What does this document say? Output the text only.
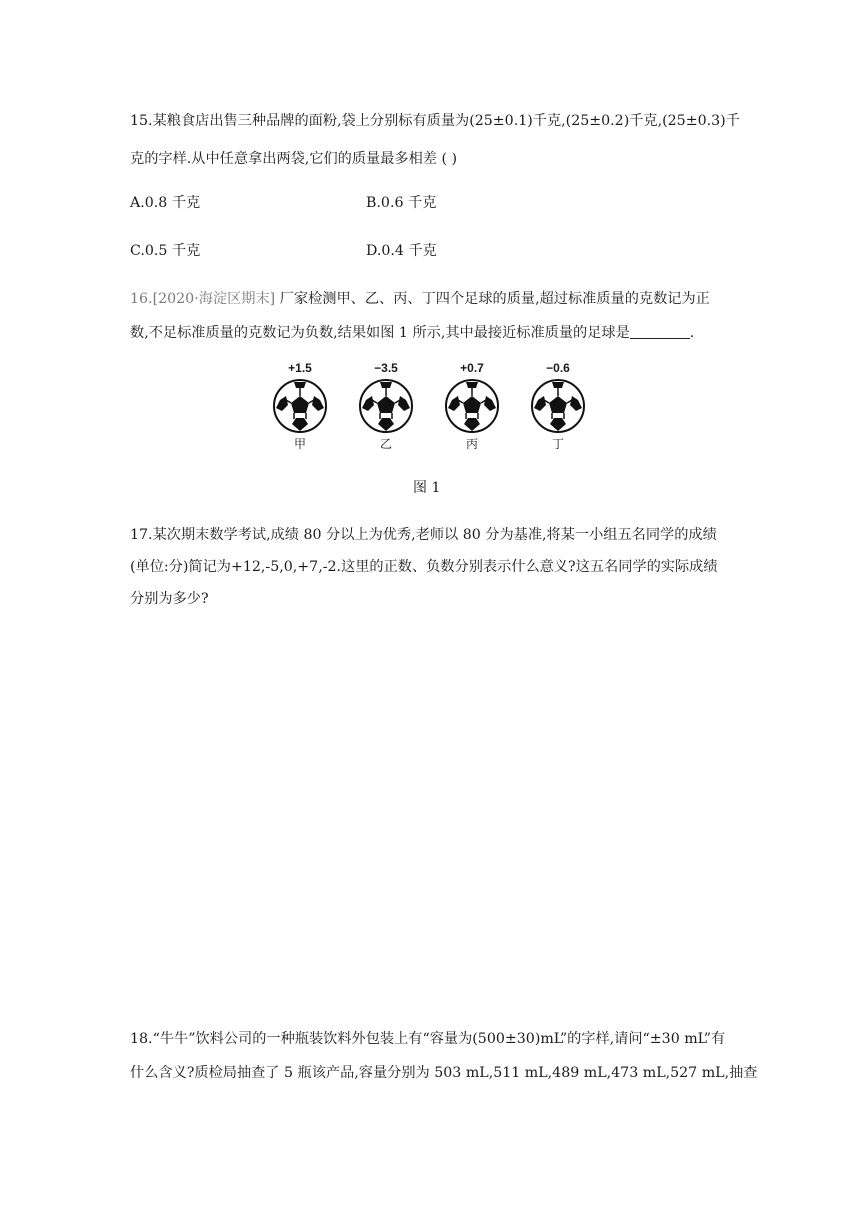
15.某粮食店出售三种品牌的面粉,袋上分别标有质量为(25±0.1)千克,(25±0.2)千克,(25±0.3)千
克的字样.从中任意拿出两袋,它们的质量最多相差 ( )
A.0.8 千克	B.0.6 千克
C.0.5 千克	D.0.4 千克
16.[2020·海淀区期末] 厂家检测甲、乙、丙、丁四个足球的质量,超过标准质量的克数记为正
数,不足标准质量的克数记为负数,结果如图 1 所示,其中最接近标准质量的足球是	.
+1.5
甲
−3.5
乙
+0.7
丙
−0.6
丁
图 1
17.某次期末数学考试,成绩 80 分以上为优秀,老师以 80 分为基准,将某一小组五名同学的成绩
(单位:分)简记为+12,-5,0,+7,-2.这里的正数、负数分别表示什么意义?这五名同学的实际成绩
分别为多少?
18.“牛牛”饮料公司的一种瓶装饮料外包装上有“容量为(500±30)mL”的字样,请问“±30 mL”有
什么含义?质检局抽查了 5 瓶该产品,容量分别为 503 mL,511 mL,489 mL,473 mL,527 mL,抽查
